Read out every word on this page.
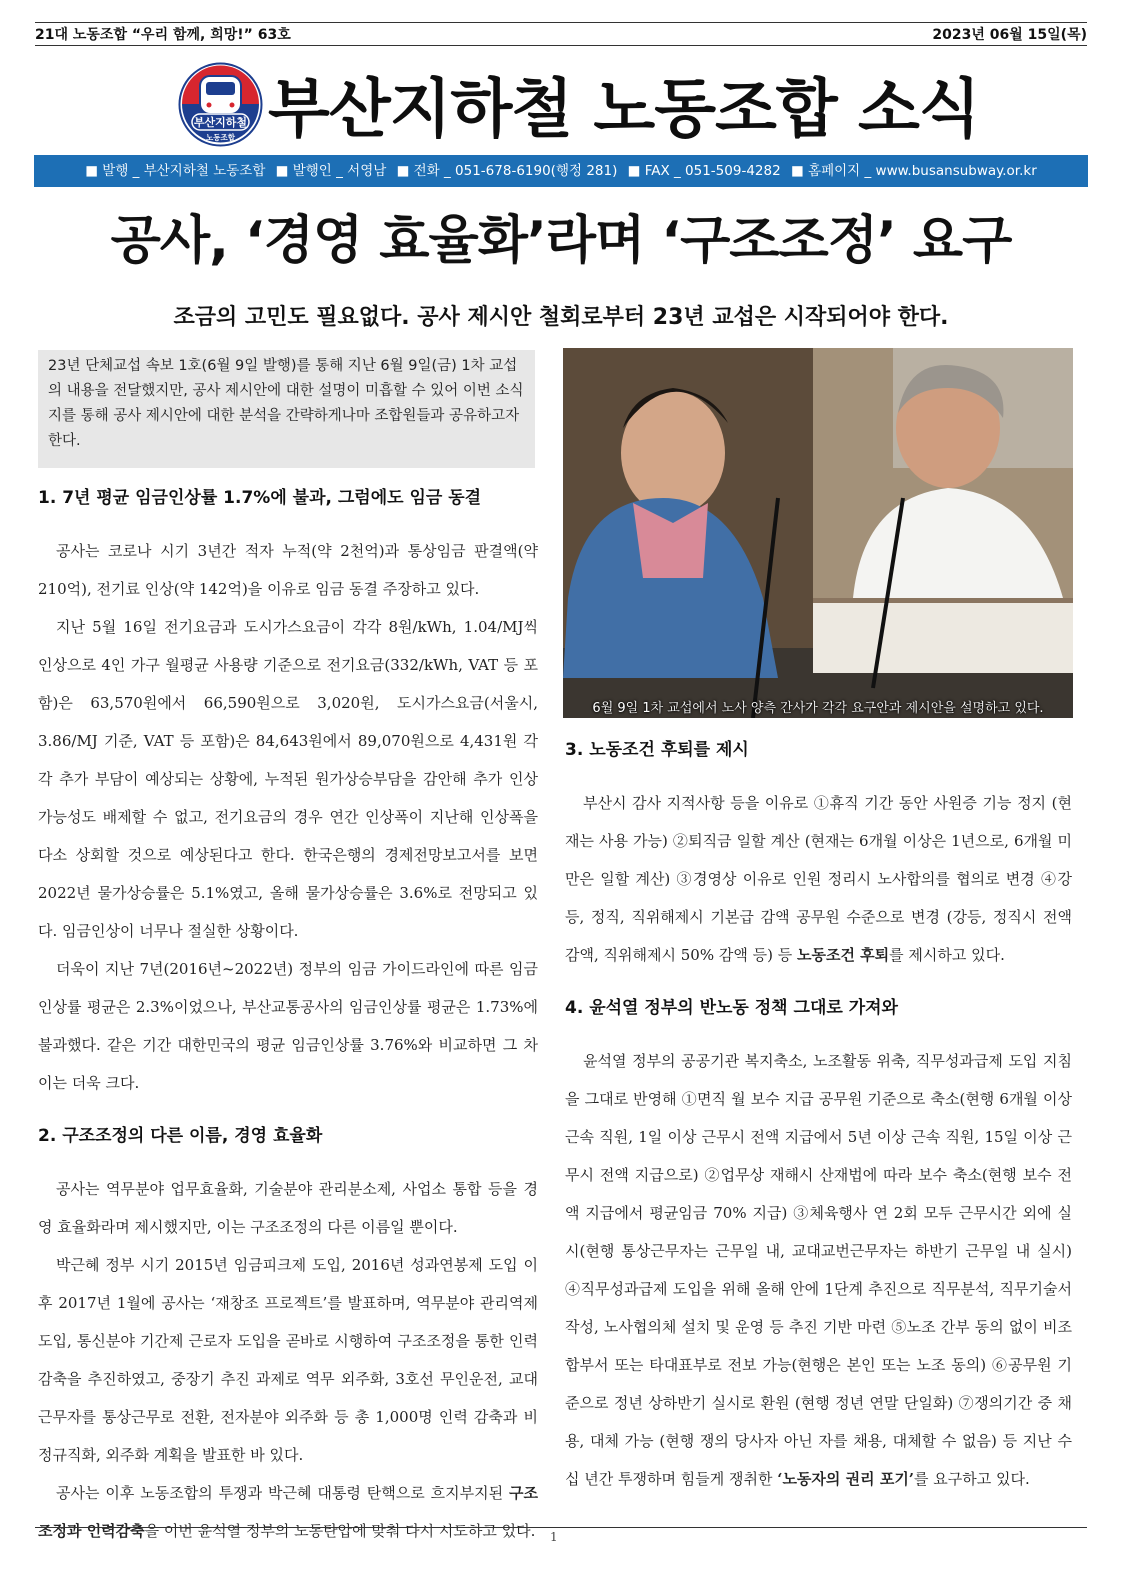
21대 노동조합 “우리 함께, 희망!” 63호	2023년 06월 15일(목)
부산지하철
노동조합 부산지하철 노동조합 소식
■ 발행 _ 부산지하철 노동조합 ■ 발행인 _ 서영남 ■ 전화 _ 051-678-6190(행정 281) ■ FAX _ 051-509-4282 ■ 홈페이지 _ www.busansubway.or.kr
공사, ‘경영 효율화’라며 ‘구조조정’ 요구
조금의 고민도 필요없다. 공사 제시안 철회로부터 23년 교섭은 시작되어야 한다.
23년 단체교섭 속보 1호(6월 9일 발행)를 통해 지난 6월 9일(금) 1차 교섭의 내용을 전달했지만, 공사 제시안에 대한 설명이 미흡할 수 있어 이번 소식지를 통해 공사 제시안에 대한 분석을 간략하게나마 조합원들과 공유하고자 한다.
1. 7년 평균 임금인상률 1.7%에 불과, 그럼에도 임금 동결

공사는 코로나 시기 3년간 적자 누적(약 2천억)과 통상임금 판결액(약 210억), 전기료 인상(약 142억)을 이유로 임금 동결 주장하고 있다.

지난 5월 16일 전기요금과 도시가스요금이 각각 8원/kWh, 1.04/MJ씩 인상으로 4인 가구 월평균 사용량 기준으로 전기요금(332/kWh, VAT 등 포함)은 63,570원에서 66,590원으로 3,020원, 도시가스요금(서울시, 3.86/MJ 기준, VAT 등 포함)은 84,643원에서 89,070원으로 4,431원 각각 추가 부담이 예상되는 상황에, 누적된 원가상승부담을 감안해 추가 인상 가능성도 배제할 수 없고, 전기요금의 경우 연간 인상폭이 지난해 인상폭을 다소 상회할 것으로 예상된다고 한다. 한국은행의 경제전망보고서를 보면 2022년 물가상승률은 5.1%였고, 올해 물가상승률은 3.6%로 전망되고 있다. 임금인상이 너무나 절실한 상황이다.

더욱이 지난 7년(2016년~2022년) 정부의 임금 가이드라인에 따른 임금인상률 평균은 2.3%이었으나, 부산교통공사의 임금인상률 평균은 1.73%에 불과했다. 같은 기간 대한민국의 평균 임금인상률 3.76%와 비교하면 그 차이는 더욱 크다.

2. 구조조정의 다른 이름, 경영 효율화

공사는 역무분야 업무효율화, 기술분야 관리분소제, 사업소 통합 등을 경영 효율화라며 제시했지만, 이는 구조조정의 다른 이름일 뿐이다.

박근혜 정부 시기 2015년 임금피크제 도입, 2016년 성과연봉제 도입 이후 2017년 1월에 공사는 ‘재창조 프로젝트’를 발표하며, 역무분야 관리역제 도입, 통신분야 기간제 근로자 도입을 곧바로 시행하여 구조조정을 통한 인력감축을 추진하였고, 중장기 추진 과제로 역무 외주화, 3호선 무인운전, 교대근무자를 통상근무로 전환, 전자분야 외주화 등 총 1,000명 인력 감축과 비정규직화, 외주화 계획을 발표한 바 있다.

공사는 이후 노동조합의 투쟁과 박근혜 대통령 탄핵으로 흐지부지된 구조조정과 인력감축을 이번 윤석열 정부의 노동탄압에 맞춰 다시 시도하고 있다.

6월 9일 1차 교섭에서 노사 양측 간사가 각각 요구안과 제시안을 설명하고 있다.
3. 노동조건 후퇴를 제시

부산시 감사 지적사항 등을 이유로 ①휴직 기간 동안 사원증 기능 정지 (현재는 사용 가능) ②퇴직금 일할 계산 (현재는 6개월 이상은 1년으로, 6개월 미만은 일할 계산) ③경영상 이유로 인원 정리시 노사합의를 협의로 변경 ④강등, 정직, 직위해제시 기본급 감액 공무원 수준으로 변경 (강등, 정직시 전액 감액, 직위해제시 50% 감액 등) 등 노동조건 후퇴를 제시하고 있다.

4. 윤석열 정부의 반노동 정책 그대로 가져와

윤석열 정부의 공공기관 복지축소, 노조활동 위축, 직무성과급제 도입 지침을 그대로 반영해 ①면직 월 보수 지급 공무원 기준으로 축소(현행 6개월 이상 근속 직원, 1일 이상 근무시 전액 지급에서 5년 이상 근속 직원, 15일 이상 근무시 전액 지급으로) ②업무상 재해시 산재법에 따라 보수 축소(현행 보수 전액 지급에서 평균임금 70% 지급) ③체육행사 연 2회 모두 근무시간 외에 실시(현행 통상근무자는 근무일 내, 교대교번근무자는 하반기 근무일 내 실시) ④직무성과급제 도입을 위해 올해 안에 1단계 추진으로 직무분석, 직무기술서 작성, 노사협의체 설치 및 운영 등 추진 기반 마련 ⑤노조 간부 동의 없이 비조합부서 또는 타대표부로 전보 가능(현행은 본인 또는 노조 동의) ⑥공무원 기준으로 정년 상하반기 실시로 환원 (현행 정년 연말 단일화) ⑦쟁의기간 중 채용, 대체 가능 (현행 쟁의 당사자 아닌 자를 채용, 대체할 수 없음) 등 지난 수십 년간 투쟁하며 힘들게 쟁취한 ‘노동자의 권리 포기’를 요구하고 있다.

1
